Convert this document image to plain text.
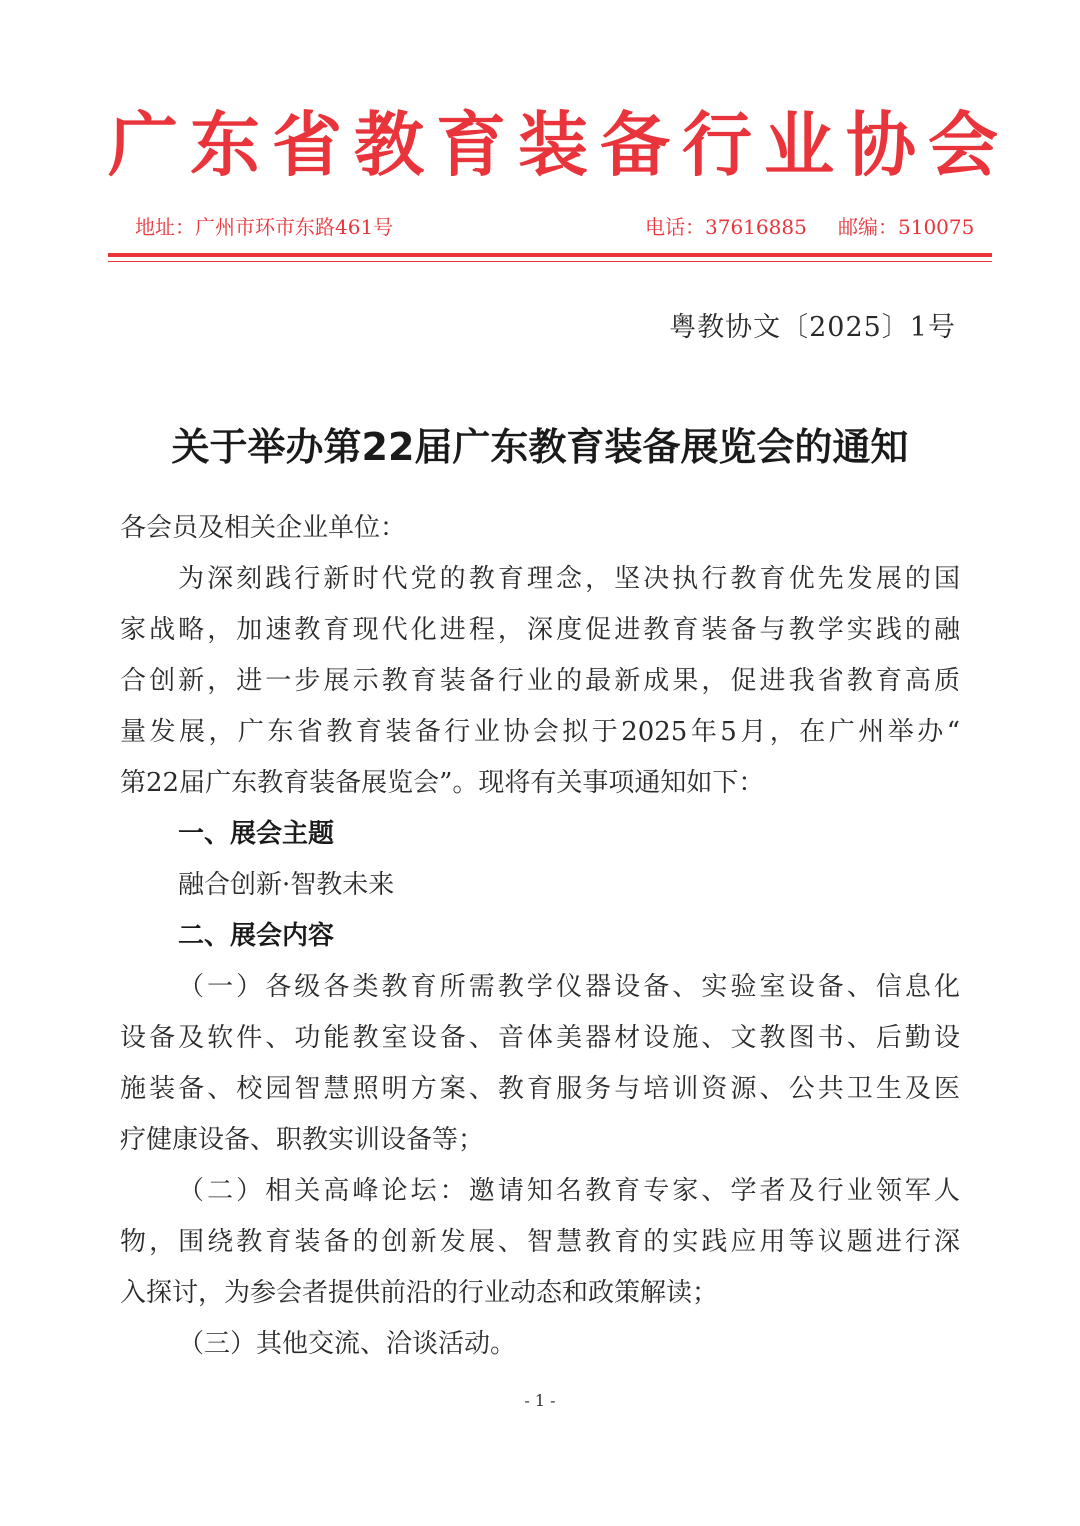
广东省教育装备行业协会
地址：广州市环市东路461号	电话：37616885 邮编：510075
粤教协文〔2025〕1号
关于举办第22届广东教育装备展览会的通知
各会员及相关企业单位：
为深刻践行新时代党的教育理念，坚决执行教育优先发展的国
家战略，加速教育现代化进程，深度促进教育装备与教学实践的融
合创新，进一步展示教育装备行业的最新成果，促进我省教育高质
量发展，广东省教育装备行业协会拟于2025年5月，在广州举办“
第22届广东教育装备展览会”。现将有关事项通知如下：
一、展会主题
融合创新·智教未来
二、展会内容
（一）各级各类教育所需教学仪器设备、实验室设备、信息化
设备及软件、功能教室设备、音体美器材设施、文教图书、后勤设
施装备、校园智慧照明方案、教育服务与培训资源、公共卫生及医
疗健康设备、职教实训设备等；
（二）相关高峰论坛：邀请知名教育专家、学者及行业领军人
物，围绕教育装备的创新发展、智慧教育的实践应用等议题进行深
入探讨，为参会者提供前沿的行业动态和政策解读；
（三）其他交流、洽谈活动。
- 1 -
